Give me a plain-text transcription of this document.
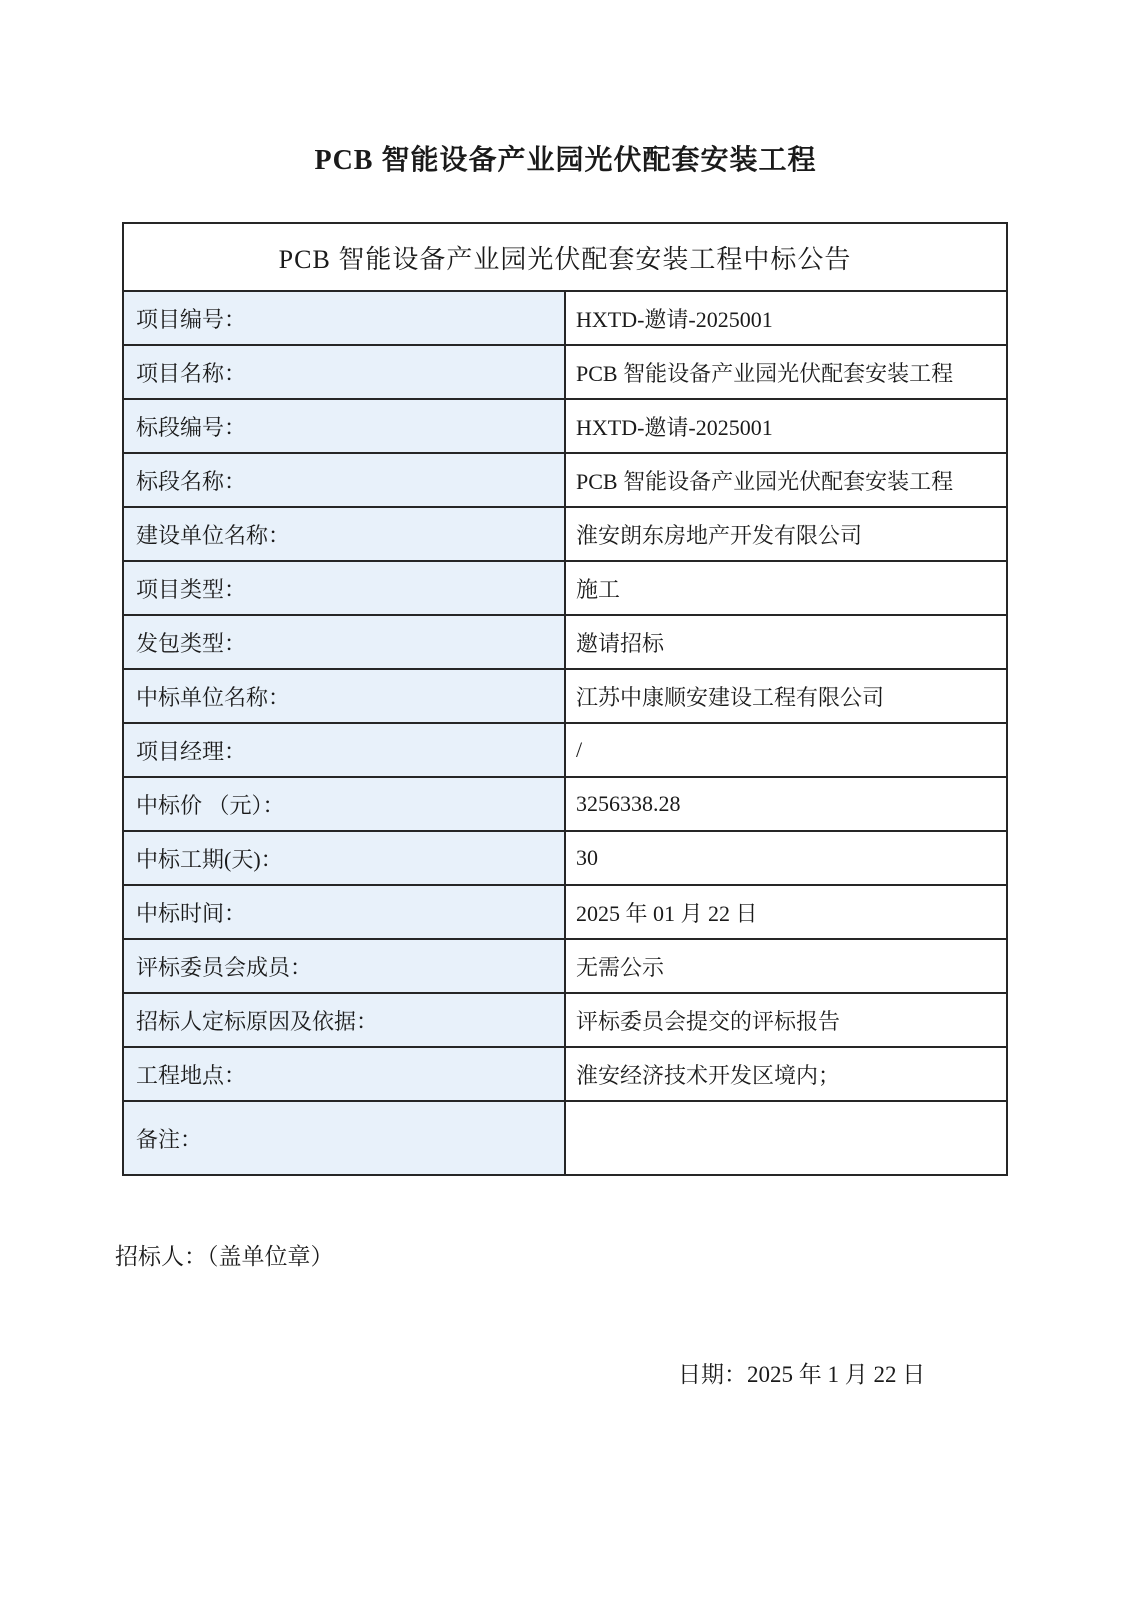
PCB 智能设备产业园光伏配套安装工程
PCB 智能设备产业园光伏配套安装工程中标公告	
项目编号：	HXTD-邀请-2025001
项目名称：	PCB 智能设备产业园光伏配套安装工程
标段编号：	HXTD-邀请-2025001
标段名称：	PCB 智能设备产业园光伏配套安装工程
建设单位名称：	淮安朗东房地产开发有限公司
项目类型：	施工
发包类型：	邀请招标
中标单位名称：	江苏中康顺安建设工程有限公司
项目经理：	/
中标价 （元）：	3256338.28
中标工期(天)：	30
中标时间：	2025 年 01 月 22 日
评标委员会成员：	无需公示
招标人定标原因及依据：	评标委员会提交的评标报告
工程地点：	淮安经济技术开发区境内；
备注：	
招标人：（盖单位章）
日期：2025 年 1 月 22 日
